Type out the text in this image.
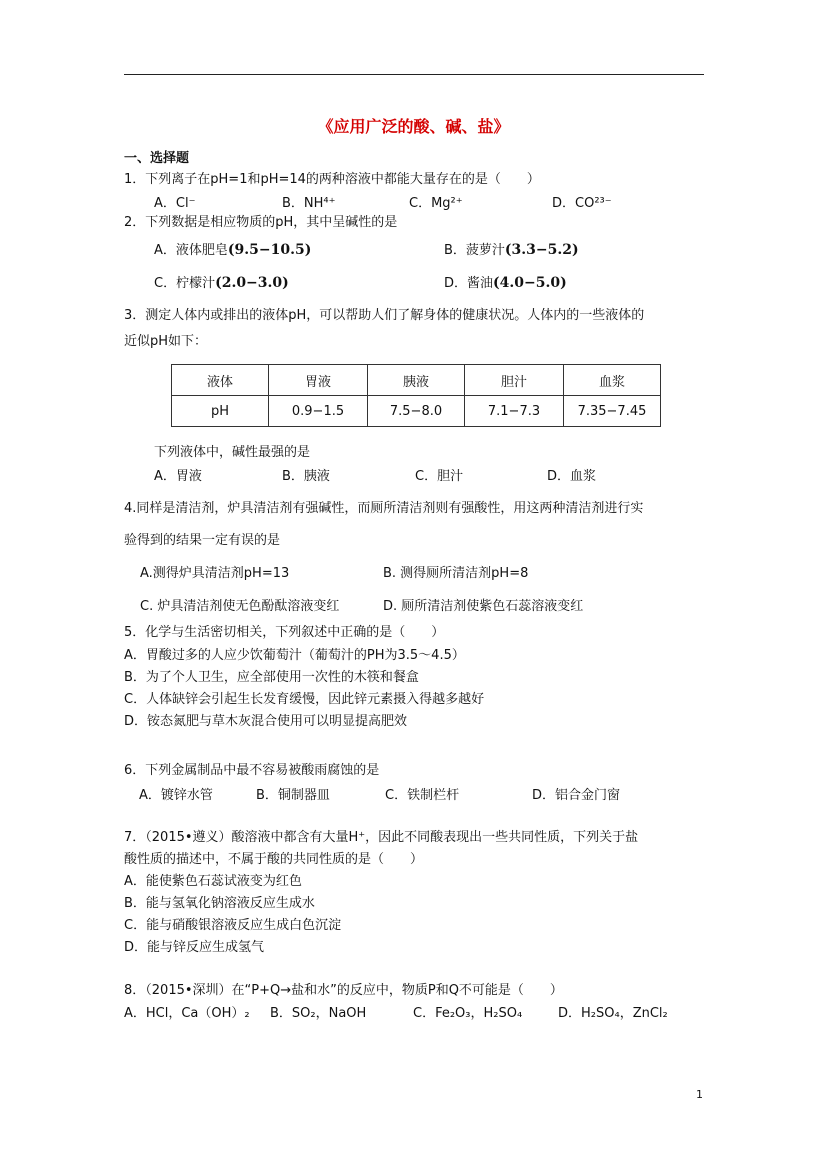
《应用广泛的酸、碱、盐》
一、选择题
1．下列离子在pH=1和pH=14的两种溶液中都能大量存在的是（　　）
A．Cl⁻	B．NH⁴⁺	C．Mg²⁺	D．CO²³⁻
2．下列数据是相应物质的pH，其中呈碱性的是
A．液体肥皂(9.5−10.5)	B．菠萝汁(3.3−5.2)
C．柠檬汁(2.0−3.0)	D．酱油(4.0−5.0)
3．测定人体内或排出的液体pH，可以帮助人们了解身体的健康状况。人体内的一些液体的
近似pH如下：
液体	胃液	胰液	胆汁	血浆
pH	0.9−1.5	7.5−8.0	7.1−7.3	7.35−7.45
下列液体中，碱性最强的是
A．胃液	B．胰液	C．胆汁	D．血浆
4.同样是清洁剂，炉具清洁剂有强碱性，而厕所清洁剂则有强酸性，用这两种清洁剂进行实
验得到的结果一定有误的是
A.测得炉具清洁剂pH=13	B. 测得厕所清洁剂pH=8
C. 炉具清洁剂使无色酚酞溶液变红	D. 厕所清洁剂使紫色石蕊溶液变红
5．化学与生活密切相关，下列叙述中正确的是（　　）
A．胃酸过多的人应少饮葡萄汁（葡萄汁的PH为3.5～4.5）
B．为了个人卫生，应全部使用一次性的木筷和餐盒
C．人体缺锌会引起生长发育缓慢，因此锌元素摄入得越多越好
D．铵态氮肥与草木灰混合使用可以明显提高肥效
6．下列金属制品中最不容易被酸雨腐蚀的是
A．镀锌水管	B．铜制器皿	C．铁制栏杆	D．铝合金门窗
7．（2015•遵义）酸溶液中都含有大量H⁺，因此不同酸表现出一些共同性质，下列关于盐
酸性质的描述中，不属于酸的共同性质的是（　　）
A．能使紫色石蕊试液变为红色
B．能与氢氧化钠溶液反应生成水
C．能与硝酸银溶液反应生成白色沉淀
D．能与锌反应生成氢气
8．（2015•深圳）在“P+Q→盐和水”的反应中，物质P和Q不可能是（　　）
A．HCl，Ca（OH）₂ B．SO₂，NaOH	C．Fe₂O₃，H₂SO₄	D．H₂SO₄，ZnCl₂
1
